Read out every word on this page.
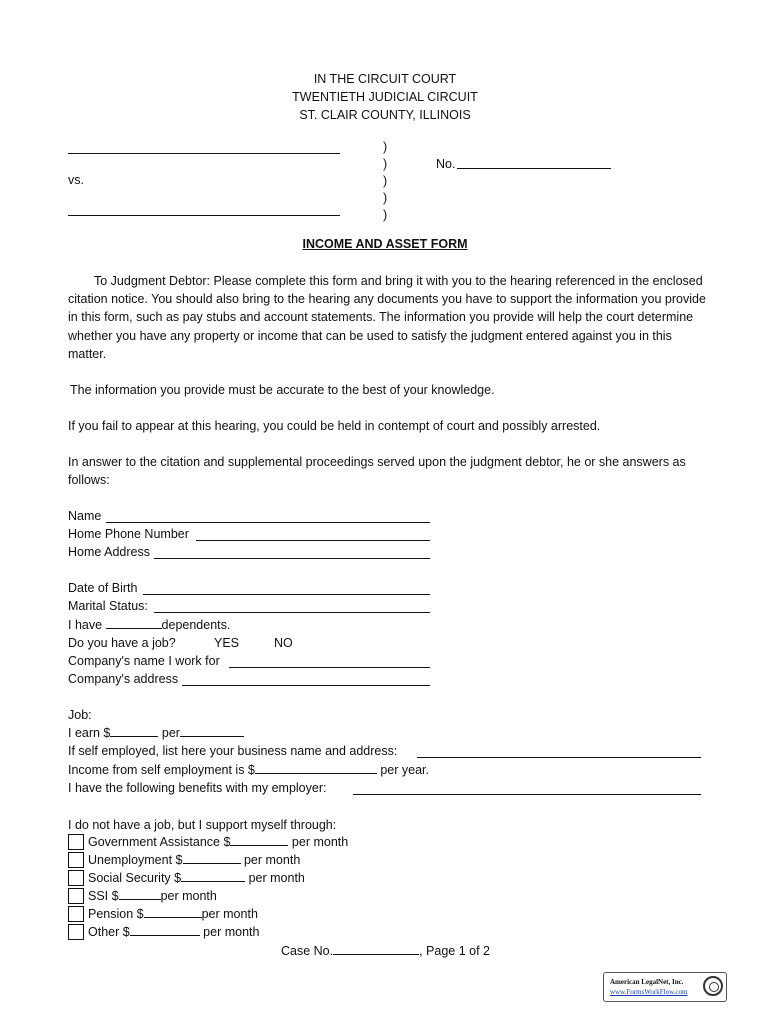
IN THE CIRCUIT COURT
TWENTIETH JUDICIAL CIRCUIT
ST. CLAIR COUNTY, ILLINOIS
vs.
)
)
)
)
)
No.
INCOME AND ASSET FORM
To Judgment Debtor: Please complete this form and bring it with you to the hearing referenced in the enclosed citation notice. You should also bring to the hearing any documents you have to support the information you provide in this form, such as pay stubs and account statements. The information you provide will help the court determine whether you have any property or income that can be used to satisfy the judgment entered against you in this matter.
The information you provide must be accurate to the best of your knowledge.
If you fail to appear at this hearing, you could be held in contempt of court and possibly arrested.
In answer to the citation and supplemental proceedings served upon the judgment debtor, he or she answers as follows:
Name
Home Phone Number
Home Address
Date of Birth
Marital Status:
I have	dependents.
Do you have a job?	YES	NO
Company's name I work for
Company's address
Job:
I earn $	per
If self employed, list here your business name and address:
Income from self employment is $	per year.
I have the following benefits with my employer:
I do not have a job, but I support myself through:
Government Assistance $	per month
Unemployment $	per month
Social Security $	per month
SSI $	per month
Pension $	per month
Other $	per month
Case No.	, Page 1 of 2
American LegalNet, Inc.
www.FormsWorkFlow.com
